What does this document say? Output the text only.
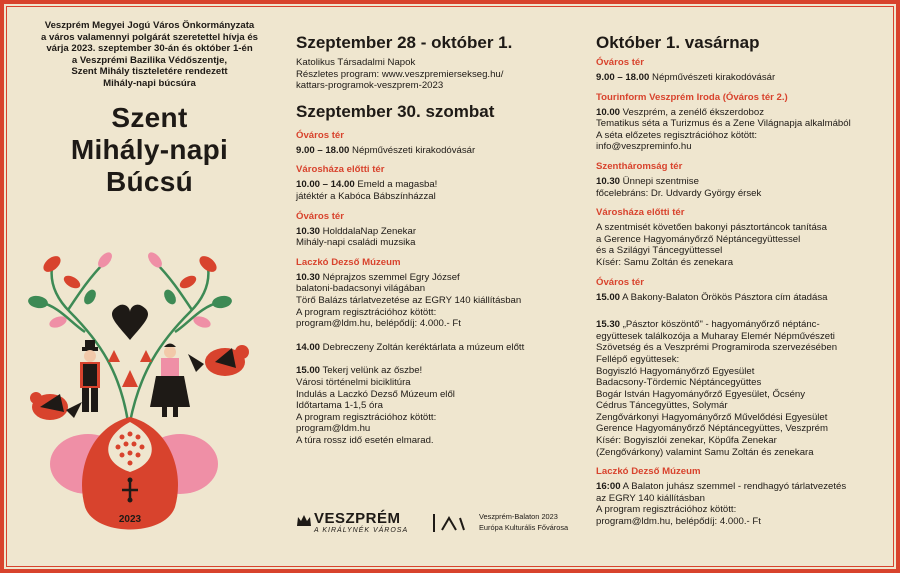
Veszprém Megyei Jogú Város Önkormányzata
a város valamennyi polgárát szeretettel hívja és
várja 2023. szeptember 30-án és október 1-én
a Veszprémi Bazilika Védőszentje,
Szent Mihály tiszteletére rendezett
Mihály-napi búcsúra
Szent
Mihály-napi
Búcsú
2023
Szeptember 28 - október 1.
Katolikus Társadalmi Napok
Részletes program: www.veszpremiersekseg.hu/
kattars-programok-veszprem-2023
Szeptember 30. szombat
Óváros tér
9.00 – 18.00 Népművészeti kirakodóvásár
Városháza előtti tér
10.00 – 14.00 Emeld a magasba!
játéktér a Kabóca Bábszínházzal
Óváros tér
10.30 HolddalaNap Zenekar
Mihály-napi családi muzsika
Laczkó Dezső Múzeum
10.30 Néprajzos szemmel Egry József
balatoni-badacsonyi világában
Törő Balázs tárlatvezetése az EGRY 140 kiállításban
A program regisztrációhoz kötött:
program@ldm.hu, belépődíj: 4.000.- Ft
14.00 Debreczeny Zoltán keréktárlata a múzeum előtt
15.00 Tekerj velünk az őszbe!
Városi történelmi biciklitúra
Indulás a Laczkó Dezső Múzeum elől
Időtartama 1-1,5 óra
A program regisztrációhoz kötött:
program@ldm.hu
A túra rossz idő esetén elmarad.
VESZPRÉM
A KIRÁLYNÉK VÁROSA
Veszprém-Balaton 2023
Európa Kulturális Fővárosa
Október 1. vasárnap
Óváros tér
9.00 – 18.00 Népművészeti kirakodóvásár
Tourinform Veszprém Iroda (Óváros tér 2.)
10.00 Veszprém, a zenélő ékszerdoboz
Tematikus séta a Turizmus és a Zene Világnapja alkalmából
A séta előzetes regisztrációhoz kötött:
info@veszpreminfo.hu
Szentháromság tér
10.30 Ünnepi szentmise
főcelebráns: Dr. Udvardy György érsek
Városháza előtti tér
A szentmisét követően bakonyi pásztortáncok tanítása
a Gerence Hagyományőrző Néptáncegyüttessel
és a Szilágyi Táncegyüttessel
Kísér: Samu Zoltán és zenekara
Óváros tér
15.00 A Bakony-Balaton Örökös Pásztora cím átadása
15.30 „Pásztor köszöntő" - hagyományőrző néptánc-
együttesek találkozója a Muharay Elemér Népművészeti
Szövetség és a Veszprémi Programiroda szervezésében
Fellépő együttesek:
Bogyiszló Hagyományőrző Egyesület
Badacsony-Tördemic Néptáncegyüttes
Bogár István Hagyományőrző Egyesület, Őcsény
Cédrus Táncegyüttes, Solymár
Zengővárkonyi Hagyományőrző Művelődési Egyesület
Gerence Hagyományőrző Néptáncegyüttes, Veszprém
Kísér: Bogyiszlói zenekar, Köpűfa Zenekar
(Zengővárkony) valamint Samu Zoltán és zenekara
Laczkó Dezső Múzeum
16:00 A Balaton juhász szemmel - rendhagyó tárlatvezetés
az EGRY 140 kiállításban
A program regisztrációhoz kötött:
program@ldm.hu, belépődíj: 4.000.- Ft
